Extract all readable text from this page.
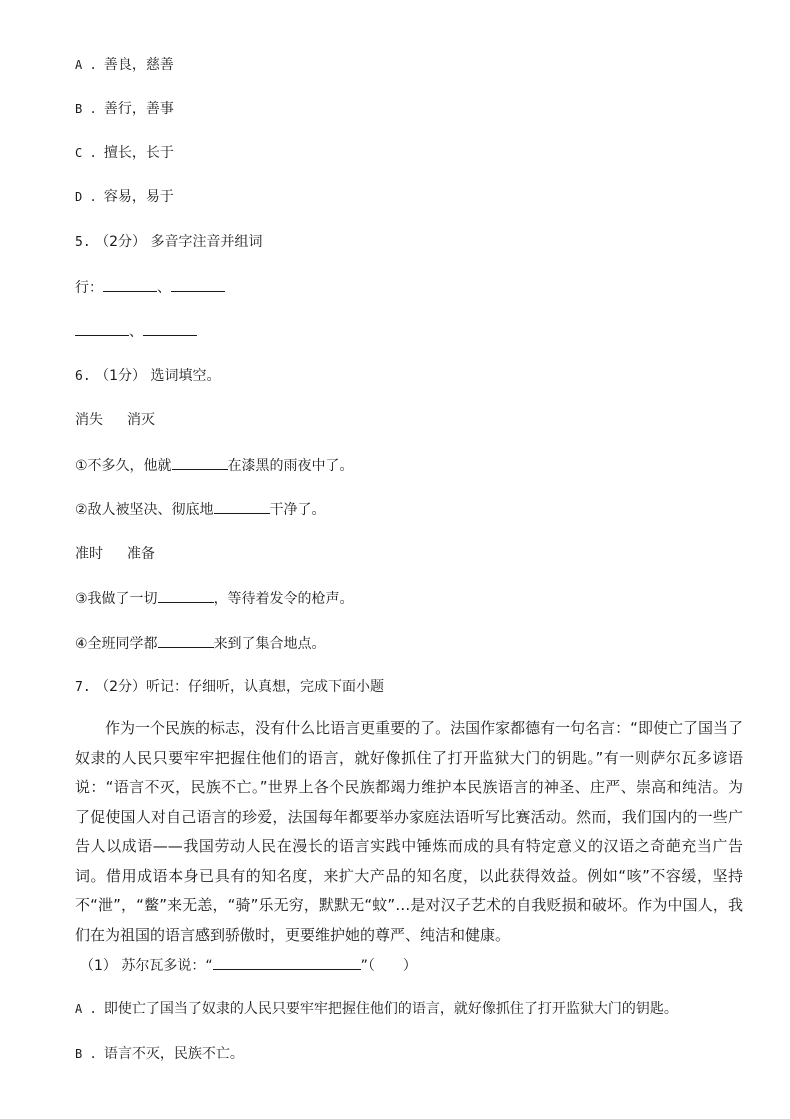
A . 善良，慈善
B . 善行，善事
C . 擅长，长于
D . 容易，易于
5. （2分） 多音字注音并组词
行：	、
、
6. （1分） 选词填空。
消失 消灭
①不多久，他就	在漆黑的雨夜中了。
②敌人被坚决、彻底地	干净了。
准时 准备
③我做了一切	，等待着发令的枪声。
④全班同学都	来到了集合地点。
7. （2分）听记：仔细听，认真想，完成下面小题
作为一个民族的标志，没有什么比语言更重要的了。法国作家都德有一句名言：“即使亡了国当了奴隶的人民只要牢牢把握住他们的语言，就好像抓住了打开监狱大门的钥匙。”有一则萨尔瓦多谚语说：“语言不灭，民族不亡。”世界上各个民族都竭力维护本民族语言的神圣、庄严、崇高和纯洁。为了促使国人对自己语言的珍爱，法国每年都要举办家庭法语听写比赛活动。然而，我们国内的一些广告人以成语——我国劳动人民在漫长的语言实践中锤炼而成的具有特定意义的汉语之奇葩充当广告词。借用成语本身已具有的知名度，来扩大产品的知名度，以此获得效益。例如“咳”不容缓，坚持不“泄”，“鳖”来无恙，“骑”乐无穷，默默无“蚊”…是对汉子艺术的自我贬损和破坏。作为中国人，我们在为祖国的语言感到骄傲时，更要维护她的尊严、纯洁和健康。
（1） 苏尔瓦多说：“	”（　　）
A . 即使亡了国当了奴隶的人民只要牢牢把握住他们的语言，就好像抓住了打开监狱大门的钥匙。
B . 语言不灭，民族不亡。
